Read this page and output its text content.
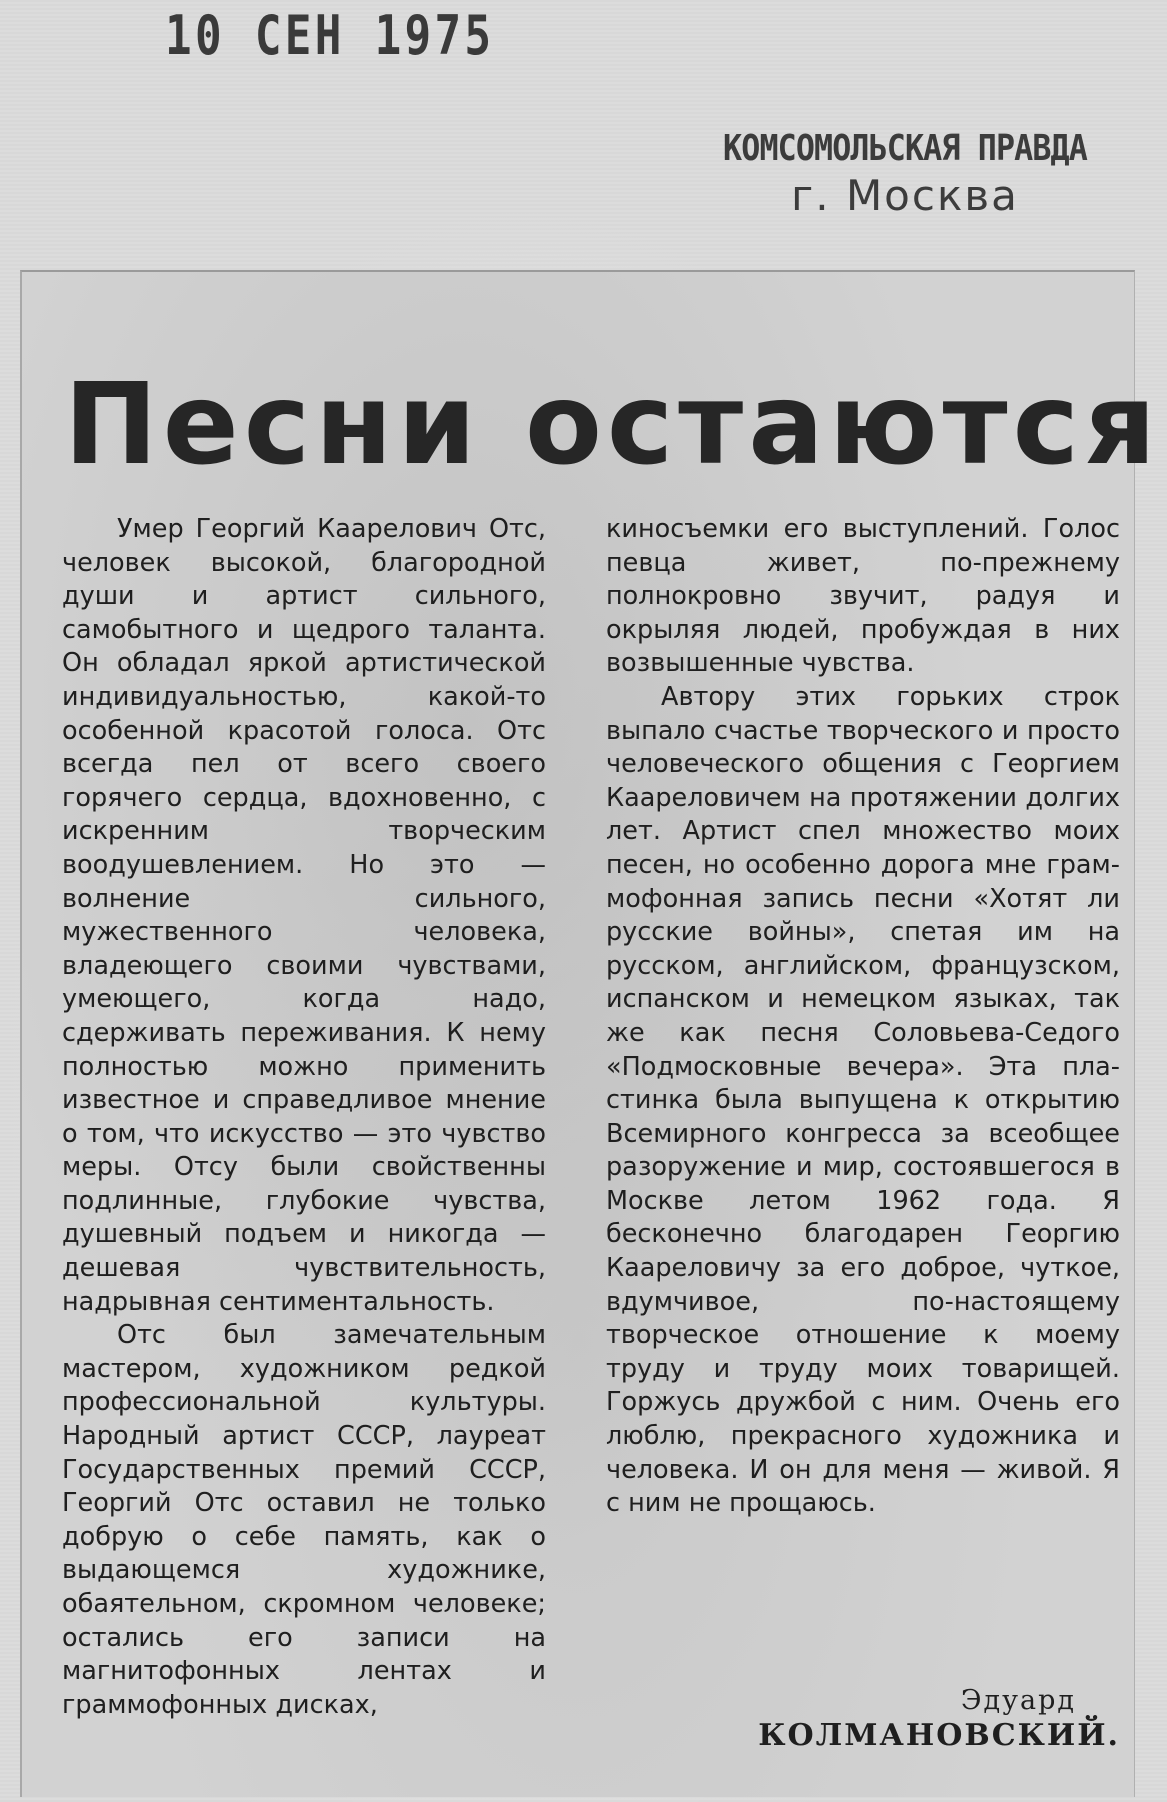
10 СЕН 1975
КОМСОМОЛЬСКАЯ ПРАВДА
г. Москва
Песни остаются

Умер Георгий Каарелович Отс, человек высокой, благородной души и артист сильного, самобытного и щедрого таланта. Он обладал яркой артистической индивидуальностью, какой-то особенной красотой голоса. Отс всегда пел от всего своего горячего сердца, вдохновенно, с искренним творческим воодушевлением. Но это — волнение сильного, мужественного человека, владеющего своими чувствами, умеющего, когда надо, сдерживать переживания. К нему полностью можно применить известное и справедливое мнение о том, что искусство — это чувство меры. Отсу были свойственны подлинные, глубокие чувства, душевный подъем и никогда — дешевая чувствительность, надрывная сентиментальность.

Отс был замечательным мастером, художником редкой профессиональной культуры. Народный артист СССР, лауреат Государственных премий СССР, Георгий Отс оставил не только добрую о себе память, как о выдающемся художнике, обаятельном, скромном человеке; остались его записи на магнитофонных лентах и граммофонных дисках,

киносъемки его выступлений. Голос певца живет, по-прежнему полнокровно звучит, радуя и окрыляя людей, пробуждая в них возвышенные чувства.

Автору этих горьких строк выпало счастье творческого и просто человеческого общения с Георгием Каареловичем на протяжении долгих лет. Артист спел множество моих песен, но особенно дорога мне граммофонная запись песни «Хотят ли русские войны», спетая им на русском, английском, французском, испанском и немецком языках, так же как песня Соловьева-Седого «Подмосковные вечера». Эта пластинка была выпущена к открытию Всемирного конгресса за всеобщее разоружение и мир, состоявшегося в Москве летом 1962 года. Я бесконечно благодарен Георгию Каареловичу за его доброе, чуткое, вдумчивое, по-настоящему творческое отношение к моему труду и труду моих товарищей. Горжусь дружбой с ним. Очень его люблю, прекрасного художника и человека. И он для меня — живой. Я с ним не прощаюсь.

Эдуард
КОЛМАНОВСКИЙ.
